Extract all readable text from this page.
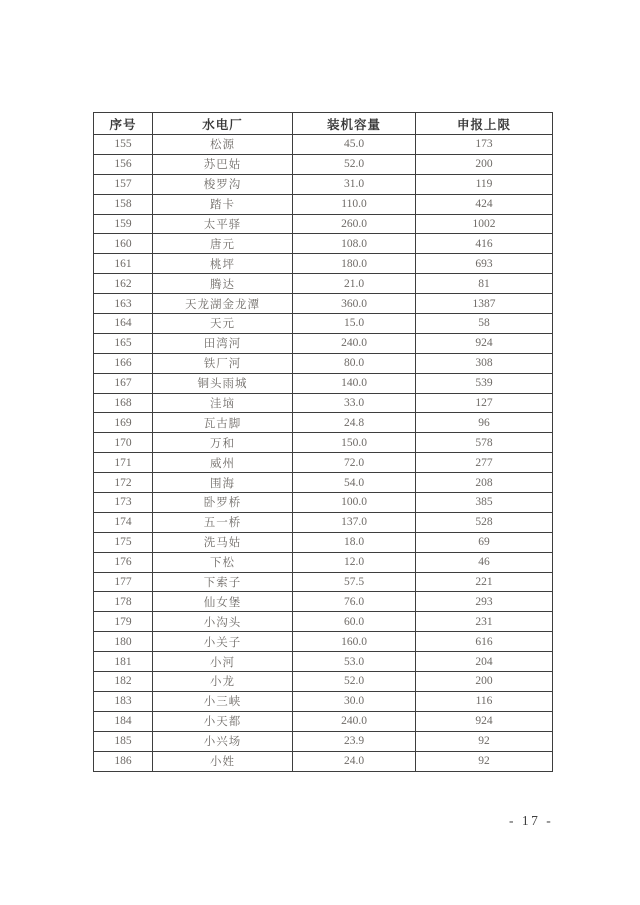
序号	水电厂	装机容量	申报上限
155	松源	45.0	173
156	苏巴姑	52.0	200
157	梭罗沟	31.0	119
158	踏卡	110.0	424
159	太平驿	260.0	1002
160	唐元	108.0	416
161	桃坪	180.0	693
162	腾达	21.0	81
163	天龙湖金龙潭	360.0	1387
164	天元	15.0	58
165	田湾河	240.0	924
166	铁厂河	80.0	308
167	铜头雨城	140.0	539
168	洼垴	33.0	127
169	瓦古脚	24.8	96
170	万和	150.0	578
171	威州	72.0	277
172	围海	54.0	208
173	卧罗桥	100.0	385
174	五一桥	137.0	528
175	洗马姑	18.0	69
176	下松	12.0	46
177	下索子	57.5	221
178	仙女堡	76.0	293
179	小沟头	60.0	231
180	小关子	160.0	616
181	小河	53.0	204
182	小龙	52.0	200
183	小三峡	30.0	116
184	小天都	240.0	924
185	小兴场	23.9	92
186	小姓	24.0	92
- 17 -
